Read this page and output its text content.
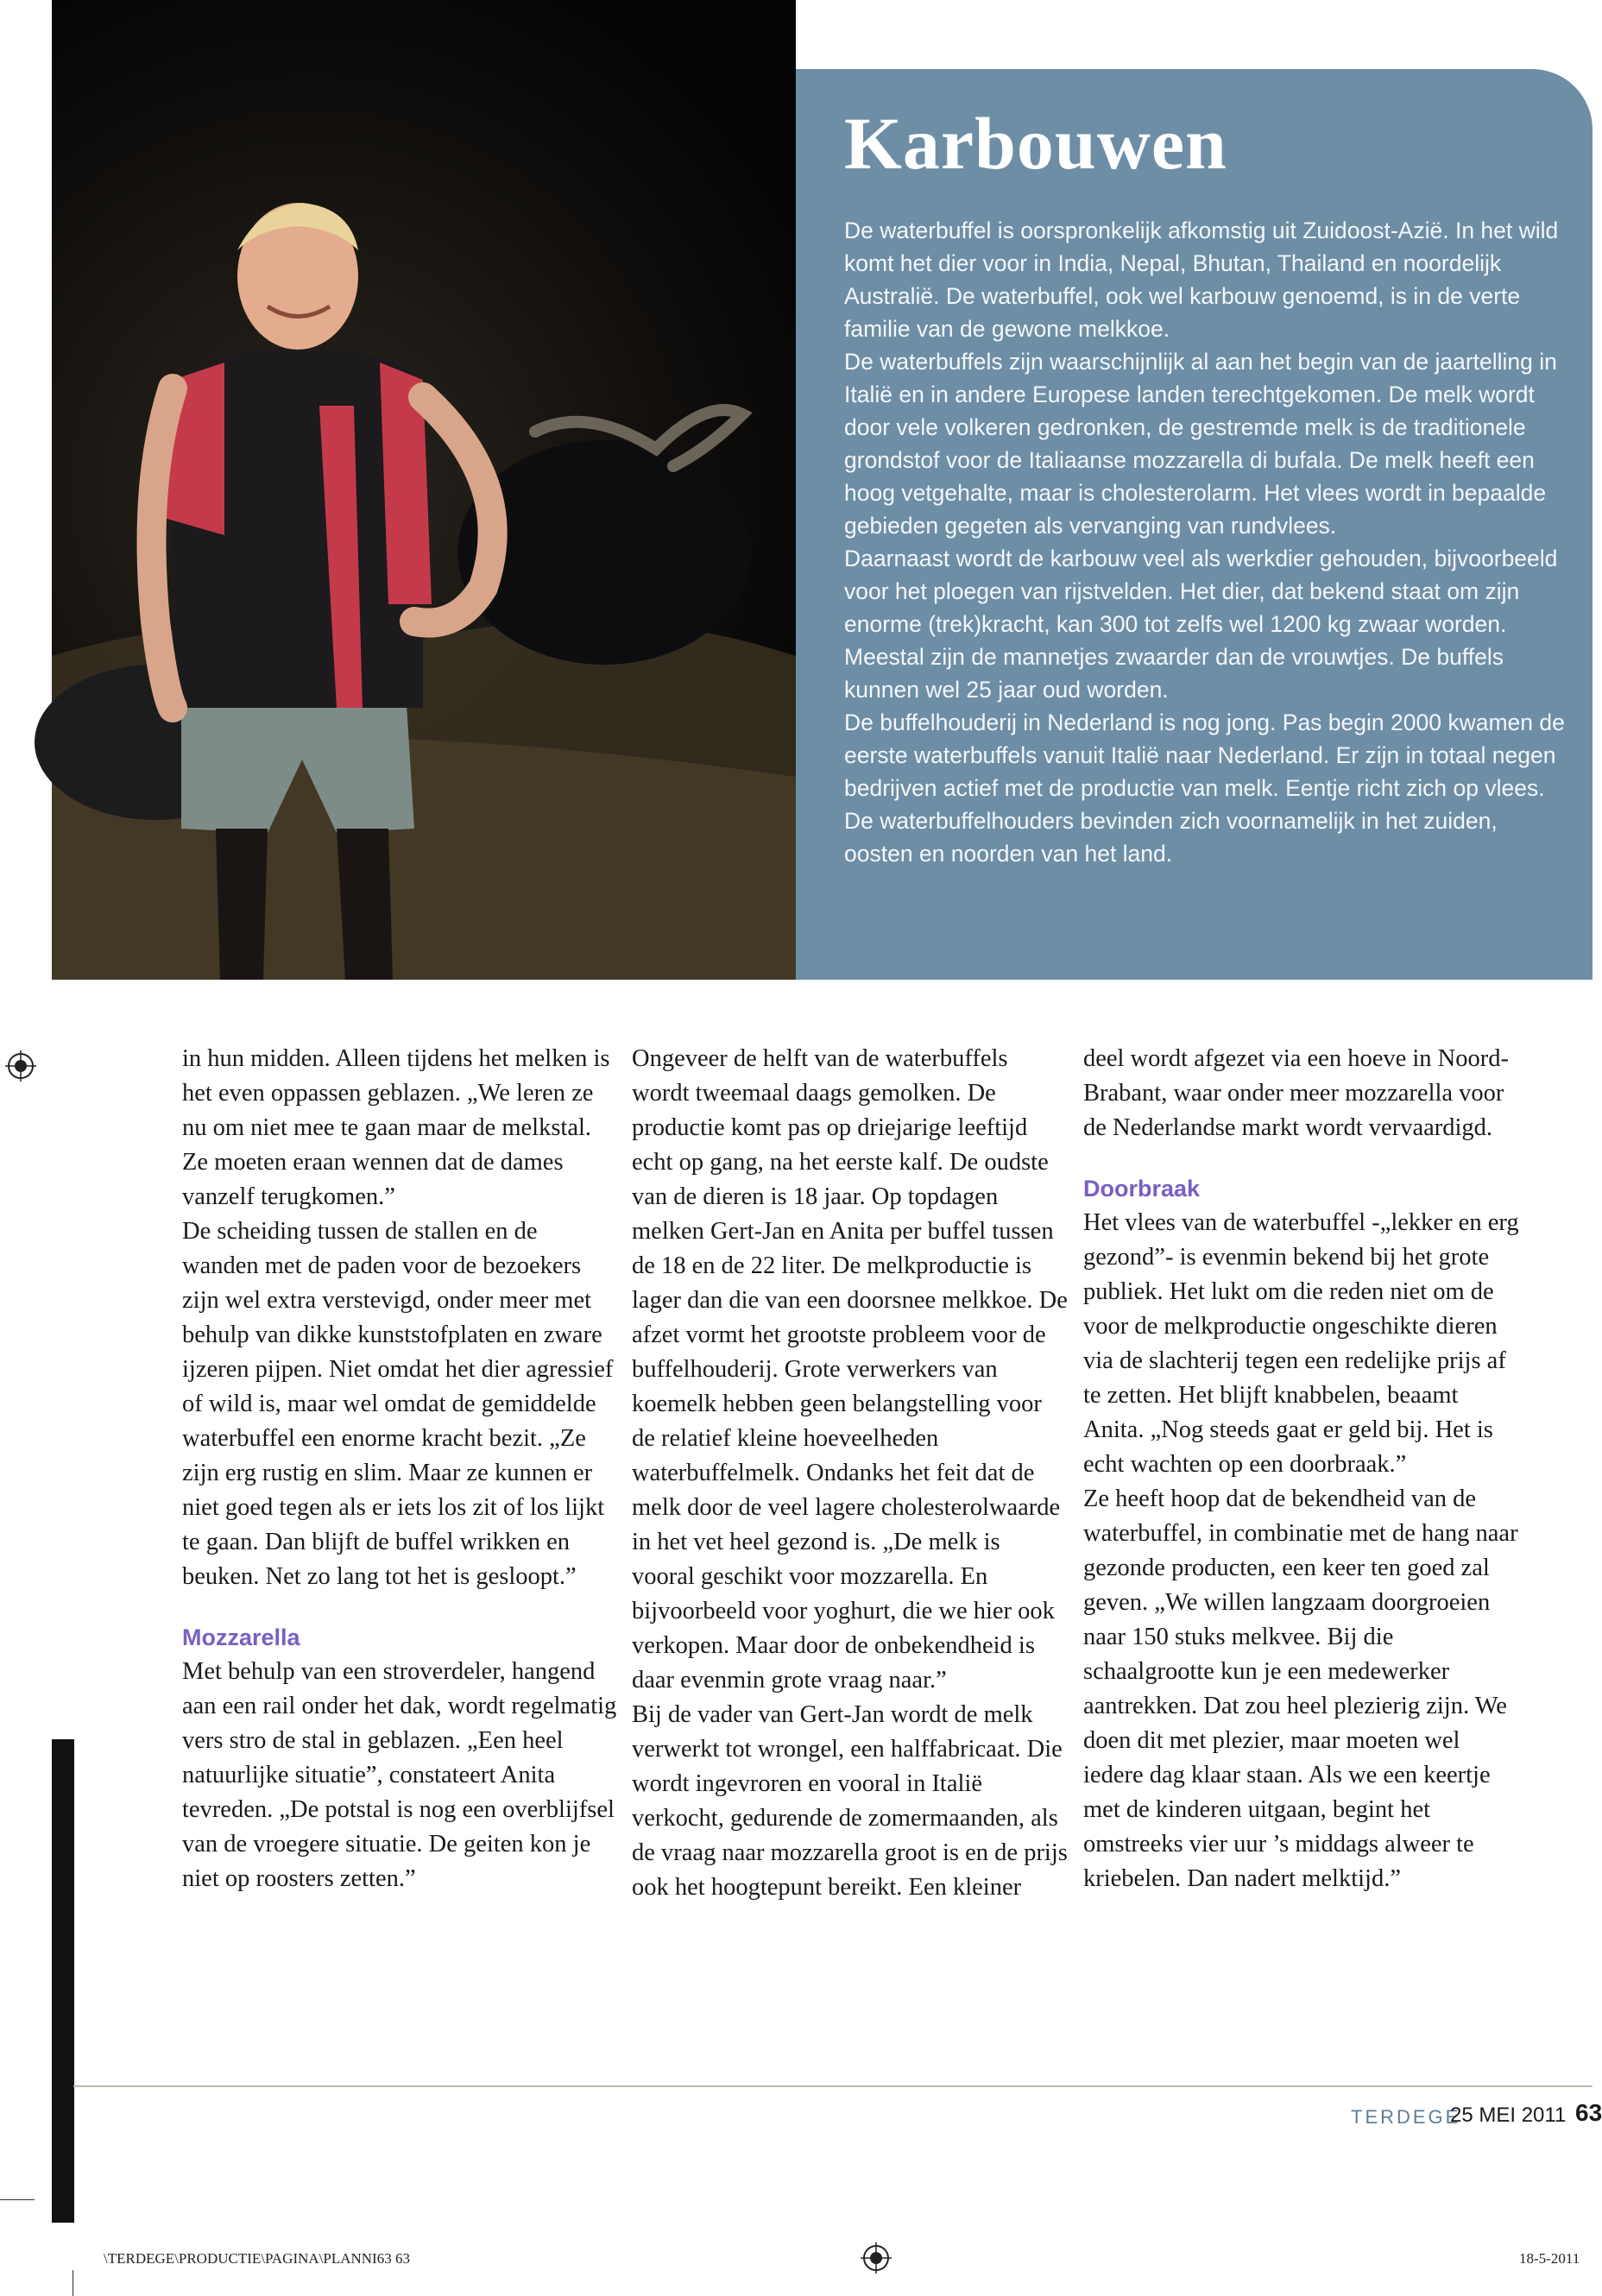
Karbouwen

De waterbuffel is oorspronkelijk afkomstig uit Zuidoost-Azië. In het wild komt het dier voor in India, Nepal, Bhutan, Thailand en noordelijk Australië. De waterbuffel, ook wel karbouw genoemd, is in de verte familie van de gewone melkkoe.

De waterbuffels zijn waarschijnlijk al aan het begin van de jaartelling in Italië en in andere Europese landen terechtgekomen. De melk wordt door vele volkeren gedronken, de gestremde melk is de traditionele grondstof voor de Italiaanse mozzarella di bufala. De melk heeft een hoog vetgehalte, maar is cholesterolarm. Het vlees wordt in bepaalde gebieden gegeten als vervanging van rundvlees.

Daarnaast wordt de karbouw veel als werkdier gehouden, bijvoorbeeld voor het ploegen van rijstvelden. Het dier, dat bekend staat om zijn enorme (trek)kracht, kan 300 tot zelfs wel 1200 kg zwaar worden. Meestal zijn de mannetjes zwaarder dan de vrouwtjes. De buffels kunnen wel 25 jaar oud worden.

De buffelhouderij in Nederland is nog jong. Pas begin 2000 kwamen de eerste waterbuffels vanuit Italië naar Nederland. Er zijn in totaal negen bedrijven actief met de productie van melk. Eentje richt zich op vlees. De waterbuffelhouders bevinden zich voornamelijk in het zuiden, oosten en noorden van het land.

in hun midden. Alleen tijdens het melken is het even oppassen geblazen. „We leren ze nu om niet mee te gaan maar de melkstal. Ze moeten eraan wennen dat de dames vanzelf terugkomen.”

De scheiding tussen de stallen en de wanden met de paden voor de bezoekers zijn wel extra verstevigd, onder meer met behulp van dikke kunststofplaten en zware ijzeren pijpen. Niet omdat het dier agressief of wild is, maar wel omdat de gemiddelde waterbuffel een enorme kracht bezit. „Ze zijn erg rustig en slim. Maar ze kunnen er niet goed tegen als er iets los zit of los lijkt te gaan. Dan blijft de buffel wrikken en beuken. Net zo lang tot het is gesloopt.”

Mozzarella

Met behulp van een stroverdeler, hangend aan een rail onder het dak, wordt regelmatig vers stro de stal in geblazen. „Een heel natuurlijke situatie”, constateert Anita tevreden. „De potstal is nog een overblijfsel van de vroegere situatie. De geiten kon je niet op roosters zetten.”

Ongeveer de helft van de waterbuffels wordt tweemaal daags gemolken. De productie komt pas op driejarige leeftijd echt op gang, na het eerste kalf. De oudste van de dieren is 18 jaar. Op topdagen melken Gert-Jan en Anita per buffel tussen de 18 en de 22 liter. De melkproductie is lager dan die van een doorsnee melkkoe. De afzet vormt het grootste probleem voor de buffelhouderij. Grote verwerkers van koemelk hebben geen belangstelling voor de relatief kleine hoeveelheden waterbuffelmelk. Ondanks het feit dat de melk door de veel lagere cholesterolwaarde in het vet heel gezond is. „De melk is vooral geschikt voor mozzarella. En bijvoorbeeld voor yoghurt, die we hier ook verkopen. Maar door de onbekendheid is daar evenmin grote vraag naar.”

Bij de vader van Gert-Jan wordt de melk verwerkt tot wrongel, een halffabricaat. Die wordt ingevroren en vooral in Italië verkocht, gedurende de zomermaanden, als de vraag naar mozzarella groot is en de prijs ook het hoogtepunt bereikt. Een kleiner

deel wordt afgezet via een hoeve in Noord-Brabant, waar onder meer mozzarella voor de Nederlandse markt wordt vervaardigd.

Doorbraak

Het vlees van de waterbuffel -„lekker en erg gezond”- is evenmin bekend bij het grote publiek. Het lukt om die reden niet om de voor de melkproductie ongeschikte dieren via de slachterij tegen een redelijke prijs af te zetten. Het blijft knabbelen, beaamt Anita. „Nog steeds gaat er geld bij. Het is echt wachten op een doorbraak.”

Ze heeft hoop dat de bekendheid van de waterbuffel, in combinatie met de hang naar gezonde producten, een keer ten goed zal geven. „We willen langzaam doorgroeien naar 150 stuks melkvee. Bij die schaalgrootte kun je een medewerker aantrekken. Dat zou heel plezierig zijn. We doen dit met plezier, maar moeten wel iedere dag klaar staan. Als we een keertje met de kinderen uitgaan, begint het omstreeks vier uur ’s middags alweer te kriebelen. Dan nadert melktijd.”

TERDEGE
25 MEI 2011 63
\TERDEGE\PRODUCTIE\PAGINA\PLANNI63 63	18-5-2011
